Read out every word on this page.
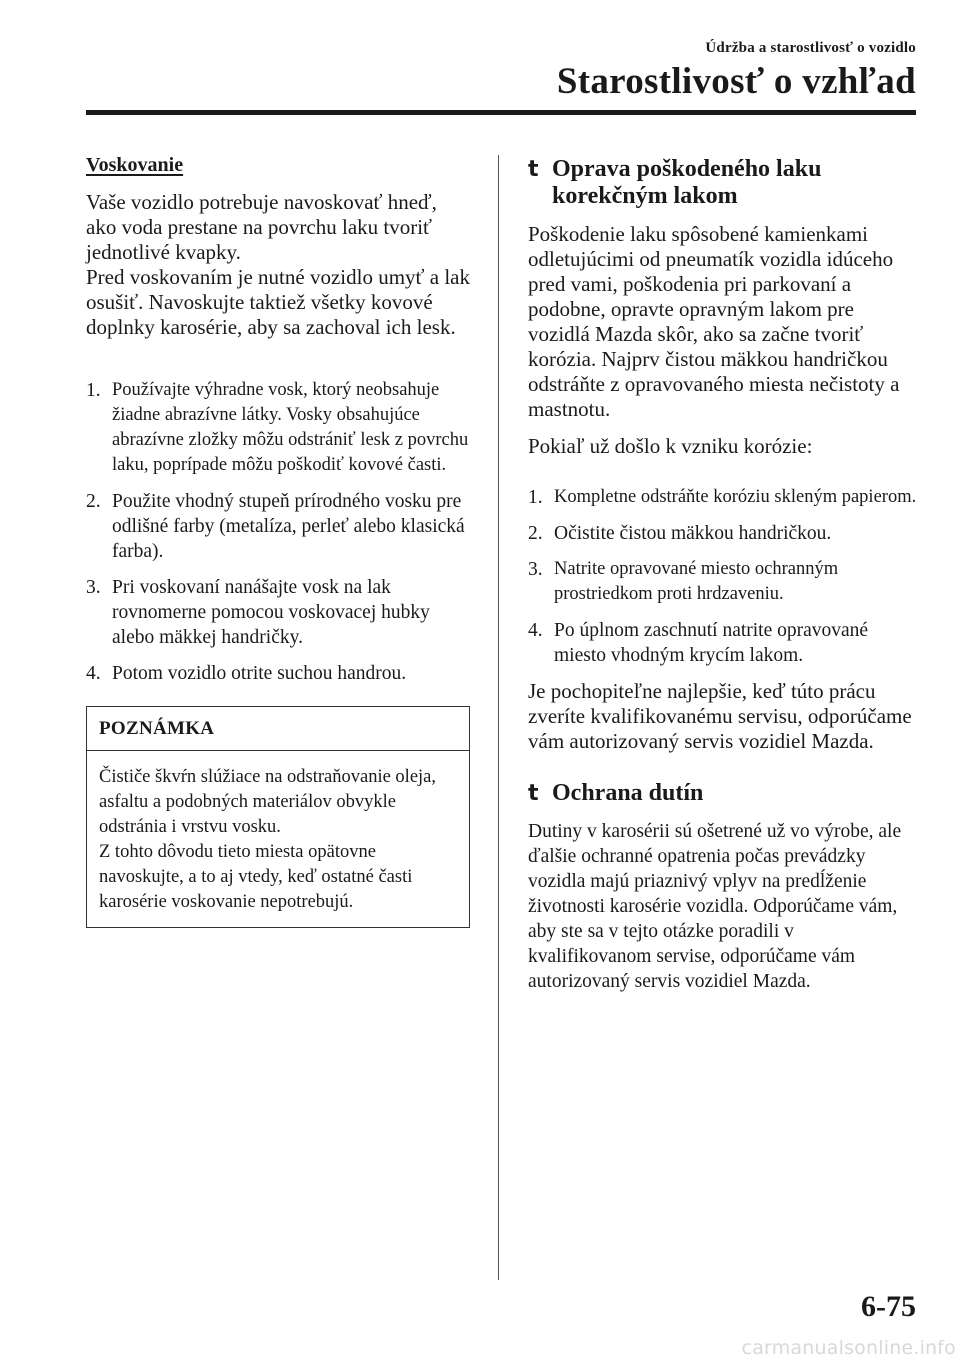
Údržba a starostlivosť o vozidlo
Starostlivosť o vzhľad
Voskovanie

Vaše vozidlo potrebuje navoskovať hneď, ako voda prestane na povrchu laku tvoriť jednotlivé kvapky.

Pred voskovaním je nutné vozidlo umyť a lak osušiť. Navoskujte taktiež všetky kovové doplnky karosérie, aby sa zachoval ich lesk.

1. Používajte výhradne vosk, ktorý neobsahuje žiadne abrazívne látky. Vosky obsahujúce abrazívne zložky môžu odstrániť lesk z povrchu laku, poprípade môžu poškodiť kovové časti.
2. Použite vhodný stupeň prírodného vosku pre odlišné farby (metalíza, perleť alebo klasická farba).
3. Pri voskovaní nanášajte vosk na lak rovnomerne pomocou voskovacej hubky alebo mäkkej handričky.
4. Potom vozidlo otrite suchou handrou.
POZNÁMKA
Čističe škvŕn slúžiace na odstraňovanie oleja, asfaltu a podobných materiálov obvykle odstránia i vrstvu vosku.
Z tohto dôvodu tieto miesta opätovne navoskujte, a to aj vtedy, keď ostatné časti karosérie voskovanie nepotrebujú.
t Oprava poškodeného laku
korekčným lakom

Poškodenie laku spôsobené kamienkami odletujúcimi od pneumatík vozidla idúceho pred vami, poškodenia pri parkovaní a podobne, opravte opravným lakom pre vozidlá Mazda skôr, ako sa začne tvoriť korózia. Najprv čistou mäkkou handričkou odstráňte z opravovaného miesta nečistoty a mastnotu.

Pokiaľ už došlo k vzniku korózie:

1. Kompletne odstráňte koróziu skleným papierom.
2. Očistite čistou mäkkou handričkou.
3. Natrite opravované miesto ochranným prostriedkom proti hrdzaveniu.
4. Po úplnom zaschnutí natrite opravované miesto vhodným krycím lakom.

Je pochopiteľne najlepšie, keď túto prácu zveríte kvalifikovanému servisu, odporúčame vám autorizovaný servis vozidiel Mazda.

t Ochrana dutín

Dutiny v karosérii sú ošetrené už vo výrobe, ale ďalšie ochranné opatrenia počas prevádzky vozidla majú priaznivý vplyv na predĺženie životnosti karosérie vozidla. Odporúčame vám, aby ste sa v tejto otázke poradili v kvalifikovanom servise, odporúčame vám autorizovaný servis vozidiel Mazda.

6-75
carmanualsonline.info
